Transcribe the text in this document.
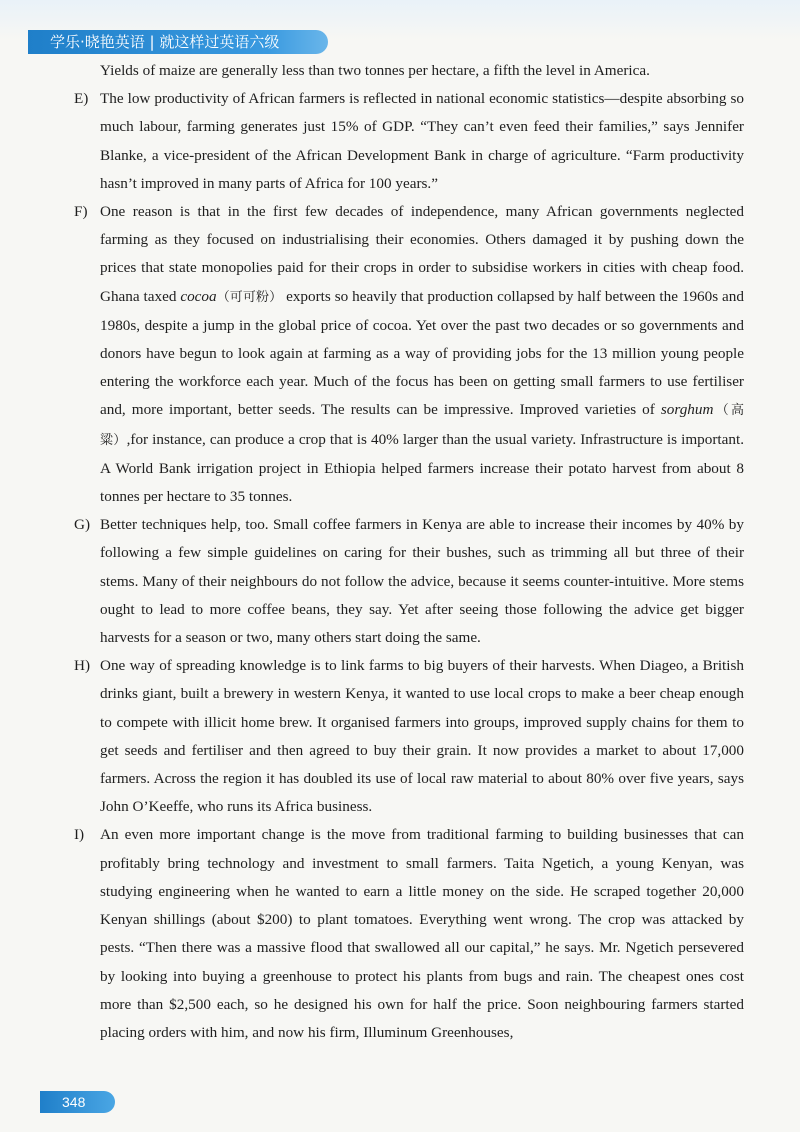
学乐·晓艳英语 | 就这样过英语六级

Yields of maize are generally less than two tonnes per hectare, a fifth the level in America.

E) The low productivity of African farmers is reflected in national economic statistics—despite absorbing so much labour, farming generates just 15% of GDP. “They can’t even feed their families,” says Jennifer Blanke, a vice-president of the African Development Bank in charge of agriculture. “Farm productivity hasn’t improved in many parts of Africa for 100 years.”

F) One reason is that in the first few decades of independence, many African governments neglected farming as they focused on industrialising their economies. Others damaged it by pushing down the prices that state monopolies paid for their crops in order to subsidise workers in cities with cheap food. Ghana taxed cocoa（可可粉） exports so heavily that production collapsed by half between the 1960s and 1980s, despite a jump in the global price of cocoa. Yet over the past two decades or so governments and donors have begun to look again at farming as a way of providing jobs for the 13 million young people entering the workforce each year. Much of the focus has been on getting small farmers to use fertiliser and, more important, better seeds. The results can be impressive. Improved varieties of sorghum（高粱）,for instance, can produce a crop that is 40% larger than the usual variety. Infrastructure is important. A World Bank irrigation project in Ethiopia helped farmers increase their potato harvest from about 8 tonnes per hectare to 35 tonnes.

G) Better techniques help, too. Small coffee farmers in Kenya are able to increase their incomes by 40% by following a few simple guidelines on caring for their bushes, such as trimming all but three of their stems. Many of their neighbours do not follow the advice, because it seems counter-intuitive. More stems ought to lead to more coffee beans, they say. Yet after seeing those following the advice get bigger harvests for a season or two, many others start doing the same.

H) One way of spreading knowledge is to link farms to big buyers of their harvests. When Diageo, a British drinks giant, built a brewery in western Kenya, it wanted to use local crops to make a beer cheap enough to compete with illicit home brew. It organised farmers into groups, improved supply chains for them to get seeds and fertiliser and then agreed to buy their grain. It now provides a market to about 17,000 farmers. Across the region it has doubled its use of local raw material to about 80% over five years, says John O’Keeffe, who runs its Africa business.

I) An even more important change is the move from traditional farming to building businesses that can profitably bring technology and investment to small farmers. Taita Ngetich, a young Kenyan, was studying engineering when he wanted to earn a little money on the side. He scraped together 20,000 Kenyan shillings (about $200) to plant tomatoes. Everything went wrong. The crop was attacked by pests. “Then there was a massive flood that swallowed all our capital,” he says. Mr. Ngetich persevered by looking into buying a greenhouse to protect his plants from bugs and rain. The cheapest ones cost more than $2,500 each, so he designed his own for half the price. Soon neighbouring farmers started placing orders with him, and now his firm, Illuminum Greenhouses,

348
